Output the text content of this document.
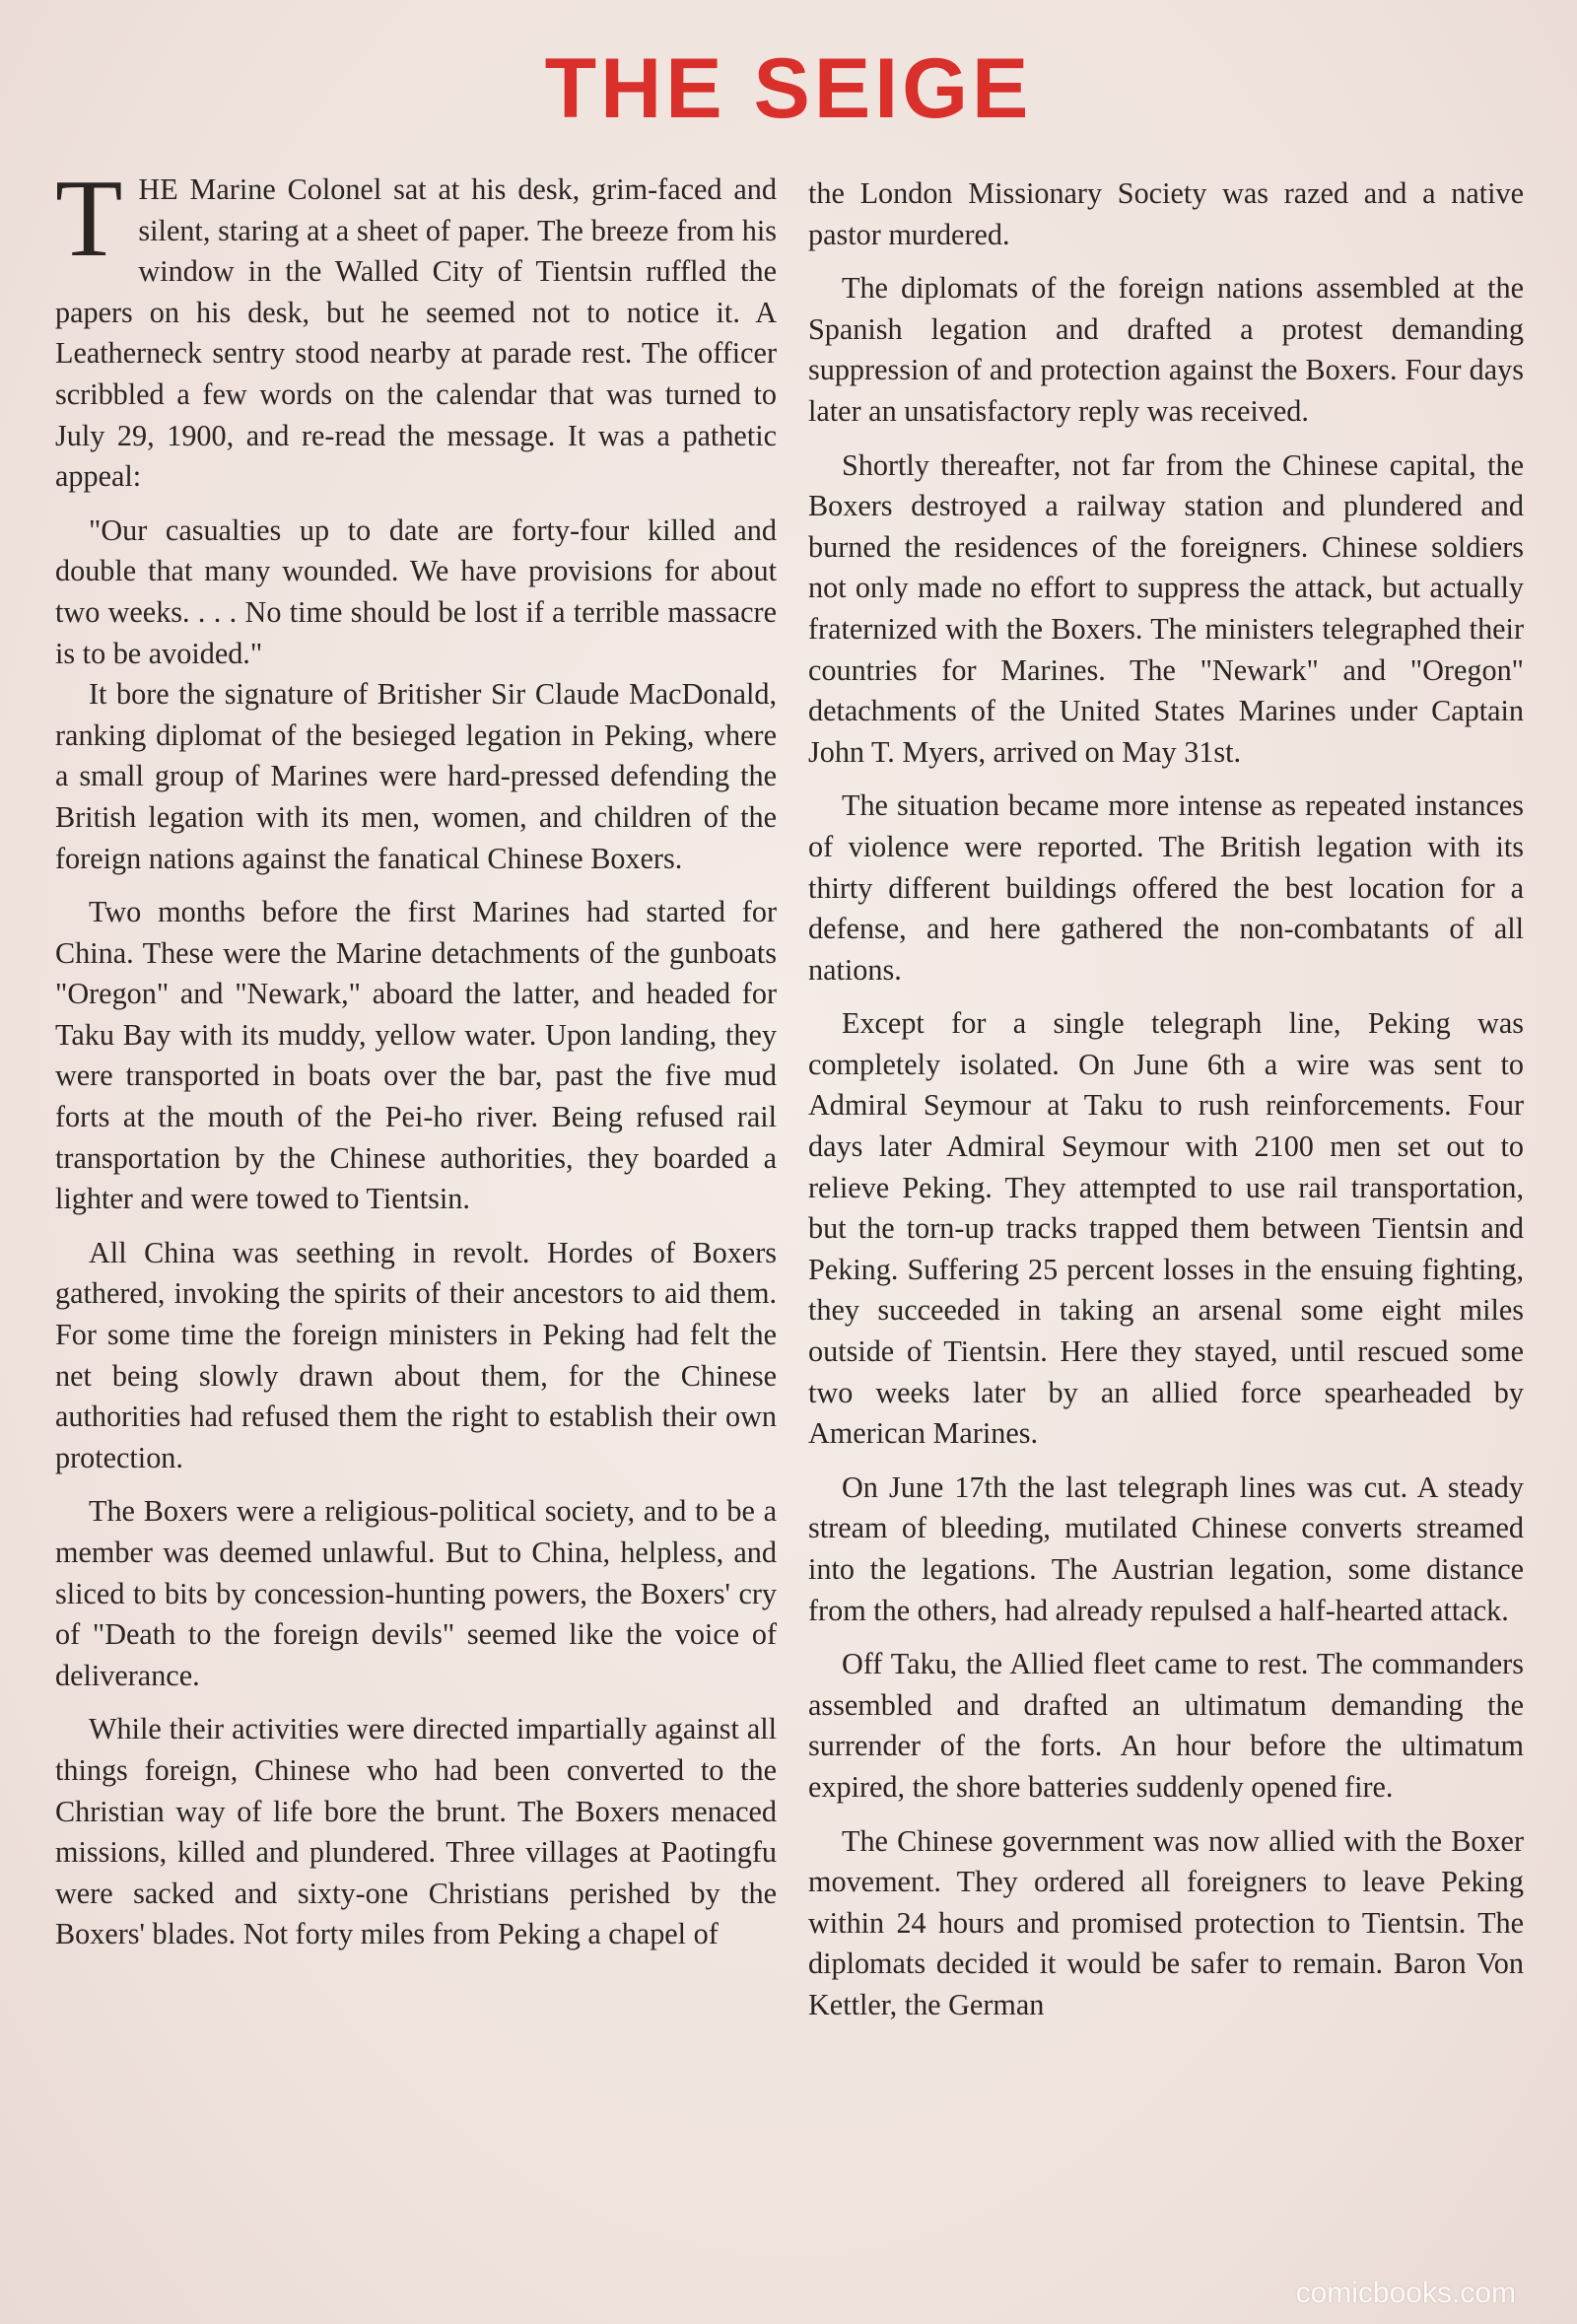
THE SEIGE

THE Marine Colonel sat at his desk, grim-faced and silent, staring at a sheet of paper. The breeze from his window in the Walled City of Tientsin ruffled the papers on his desk, but he seemed not to notice it. A Leatherneck sentry stood nearby at parade rest. The officer scribbled a few words on the calendar that was turned to July 29, 1900, and re-read the message. It was a pathetic appeal:

"Our casualties up to date are forty-four killed and double that many wounded. We have provisions for about two weeks. . . . No time should be lost if a terrible massacre is to be avoided."

It bore the signature of Britisher Sir Claude MacDonald, ranking diplomat of the besieged legation in Peking, where a small group of Marines were hard-pressed defending the British legation with its men, women, and children of the foreign nations against the fanatical Chinese Boxers.

Two months before the first Marines had started for China. These were the Marine detachments of the gunboats "Oregon" and "Newark," aboard the latter, and headed for Taku Bay with its muddy, yellow water. Upon landing, they were transported in boats over the bar, past the five mud forts at the mouth of the Pei-ho river. Being refused rail transportation by the Chinese authorities, they boarded a lighter and were towed to Tientsin.

All China was seething in revolt. Hordes of Boxers gathered, invoking the spirits of their ancestors to aid them. For some time the foreign ministers in Peking had felt the net being slowly drawn about them, for the Chinese authorities had refused them the right to establish their own protection.

The Boxers were a religious-political society, and to be a member was deemed unlawful. But to China, helpless, and sliced to bits by concession-hunting powers, the Boxers' cry of "Death to the foreign devils" seemed like the voice of deliverance.

While their activities were directed impartially against all things foreign, Chinese who had been converted to the Christian way of life bore the brunt. The Boxers menaced missions, killed and plundered. Three villages at Paotingfu were sacked and sixty-one Christians perished by the Boxers' blades. Not forty miles from Peking a chapel of

the London Missionary Society was razed and a native pastor murdered.

The diplomats of the foreign nations assembled at the Spanish legation and drafted a protest demanding suppression of and protection against the Boxers. Four days later an unsatisfactory reply was received.

Shortly thereafter, not far from the Chinese capital, the Boxers destroyed a railway station and plundered and burned the residences of the foreigners. Chinese soldiers not only made no effort to suppress the attack, but actually fraternized with the Boxers. The ministers telegraphed their countries for Marines. The "Newark" and "Oregon" detachments of the United States Marines under Captain John T. Myers, arrived on May 31st.

The situation became more intense as repeated instances of violence were reported. The British legation with its thirty different buildings offered the best location for a defense, and here gathered the non-combatants of all nations.

Except for a single telegraph line, Peking was completely isolated. On June 6th a wire was sent to Admiral Seymour at Taku to rush reinforcements. Four days later Admiral Seymour with 2100 men set out to relieve Peking. They attempted to use rail transportation, but the torn-up tracks trapped them between Tientsin and Peking. Suffering 25 percent losses in the ensuing fighting, they succeeded in taking an arsenal some eight miles outside of Tientsin. Here they stayed, until rescued some two weeks later by an allied force spearheaded by American Marines.

On June 17th the last telegraph lines was cut. A steady stream of bleeding, mutilated Chinese converts streamed into the legations. The Austrian legation, some distance from the others, had already repulsed a half-hearted attack.

Off Taku, the Allied fleet came to rest. The commanders assembled and drafted an ultimatum demanding the surrender of the forts. An hour before the ultimatum expired, the shore batteries suddenly opened fire.

The Chinese government was now allied with the Boxer movement. They ordered all foreigners to leave Peking within 24 hours and promised protection to Tientsin. The diplomats decided it would be safer to remain. Baron Von Kettler, the German

comicbooks.com
